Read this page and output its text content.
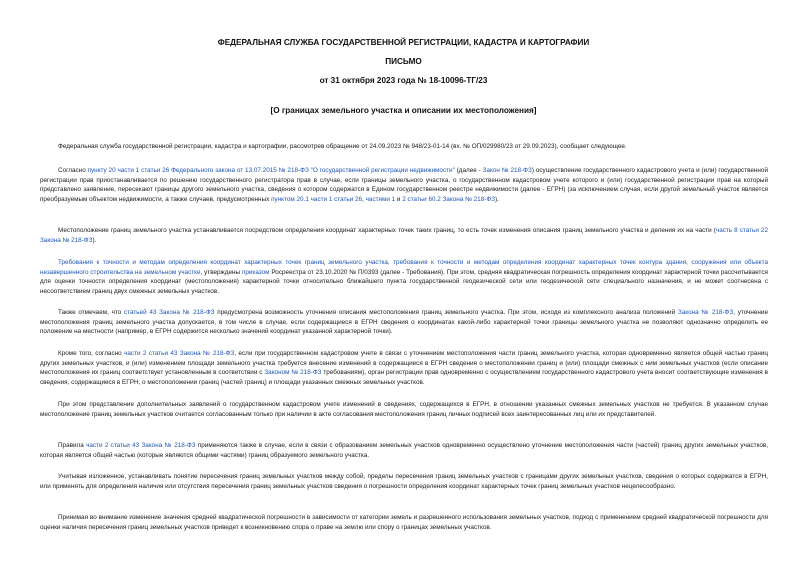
ФЕДЕРАЛЬНАЯ СЛУЖБА ГОСУДАРСТВЕННОЙ РЕГИСТРАЦИИ, КАДАСТРА И КАРТОГРАФИИ
ПИСЬМО
от 31 октября 2023 года № 18-10096-ТГ/23
[О границах земельного участка и описании их местоположения]
Федеральная служба государственной регистрации, кадастра и картографии, рассмотрев обращение от 24.09.2023 № 948/23-01-14 (вх. № ОП/029980/23 от 29.09.2023), сообщает следующее.
Согласно пункту 20 части 1 статьи 26 Федерального закона от 13.07.2015 № 218-ФЗ "О государственной регистрации недвижимости" (далее - Закон № 218-ФЗ) осуществление государственного кадастрового учета и (или) государственной регистрации прав приостанавливается по решению государственного регистратора прав в случае, если границы земельного участка, о государственном кадастровом учете которого и (или) государственной регистрации прав на который представлено заявление, пересекают границы другого земельного участка, сведения о котором содержатся в Едином государственном реестре недвижимости (далее - ЕГРН) (за исключением случая, если другой земельный участок является преобразуемым объектом недвижимости, а также случаев, предусмотренных пунктом 20.1 части 1 статьи 26, частями 1 и 2 статьи 60.2 Закона № 218-ФЗ).
Местоположение границ земельного участка устанавливается посредством определения координат характерных точек таких границ, то есть точек изменения описания границ земельного участка и деления их на части (часть 8 статьи 22 Закона № 218-ФЗ).
Требования к точности и методам определения координат характерных точек границ земельного участка, требования к точности и методам определения координат характерных точек контура здания, сооружения или объекта незавершенного строительства на земельном участке, утверждены приказом Росреестра от 23.10.2020 № П/0393 (далее - Требования). При этом, средняя квадратическая погрешность определения координат характерной точки рассчитывается для оценки точности определения координат (местоположения) характерной точки относительно ближайшего пункта государственной геодезической сети или геодезической сети специального назначения, и не может соотнесена с несоответствием границ двух смежных земельных участков.
Также отмечаем, что статьей 43 Закона № 218-ФЗ предусмотрена возможность уточнения описания местоположения границ земельного участка. При этом, исходя из комплексного анализа положений Закона № 218-ФЗ, уточнение местоположения границ земельного участка допускается, в том числе в случае, если содержащиеся в ЕГРН сведения о координатах какой-либо характерной точки границы земельного участка не позволяют однозначно определить ее положение на местности (например, в ЕГРН содержится несколько значений координат указанной характерной точки).
Кроме того, согласно части 2 статьи 43 Закона № 218-ФЗ, если при государственном кадастровом учете в связи с уточнением местоположения части границ земельного участка, которая одновременно является общей частью границ других земельных участков, и (или) изменением площади земельного участка требуется внесение изменений в содержащиеся в ЕГРН сведения о местоположении границ и (или) площади смежных с ним земельных участков (если описание местоположения их границ соответствует установленным в соответствии с Законом № 218-ФЗ требованиям), орган регистрации прав одновременно с осуществлением государственного кадастрового учета вносит соответствующие изменения в сведения, содержащиеся в ЕГРН, о местоположении границ (частей границ) и площади указанных смежных земельных участков.
При этом представление дополнительных заявлений о государственном кадастровом учете изменений в сведениях, содержащихся в ЕГРН, в отношении указанных смежных земельных участков не требуется. В указанном случае местоположение границ земельных участков считается согласованным только при наличии в акте согласования местоположения границ личных подписей всех заинтересованных лиц или их представителей.
Правила части 2 статьи 43 Закона № 218-ФЗ применяются также в случае, если в связи с образованием земельных участков одновременно осуществлено уточнение местоположения части (частей) границ других земельных участков, которая является общей частью (которые являются общими частями) границ образуемого земельного участка.
Учитывая изложенное, устанавливать понятие пересечения границ земельных участков между собой, пределы пересечения границ земельных участков с границами других земельных участков, сведения о которых содержатся в ЕГРН, или применять для определения наличия или отсутствия пересечения границ земельных участков сведения о погрешности определения координат характерных точек границ земельных участков нецелесообразно.
Принимая во внимание изменение значения средней квадратической погрешности в зависимости от категории земель и разрешенного использования земельных участков, подход с применением средней квадратической погрешности для оценки наличия пересечения границ земельных участков приведет к возникновению спора о праве на землю или спору о границах земельных участков.
